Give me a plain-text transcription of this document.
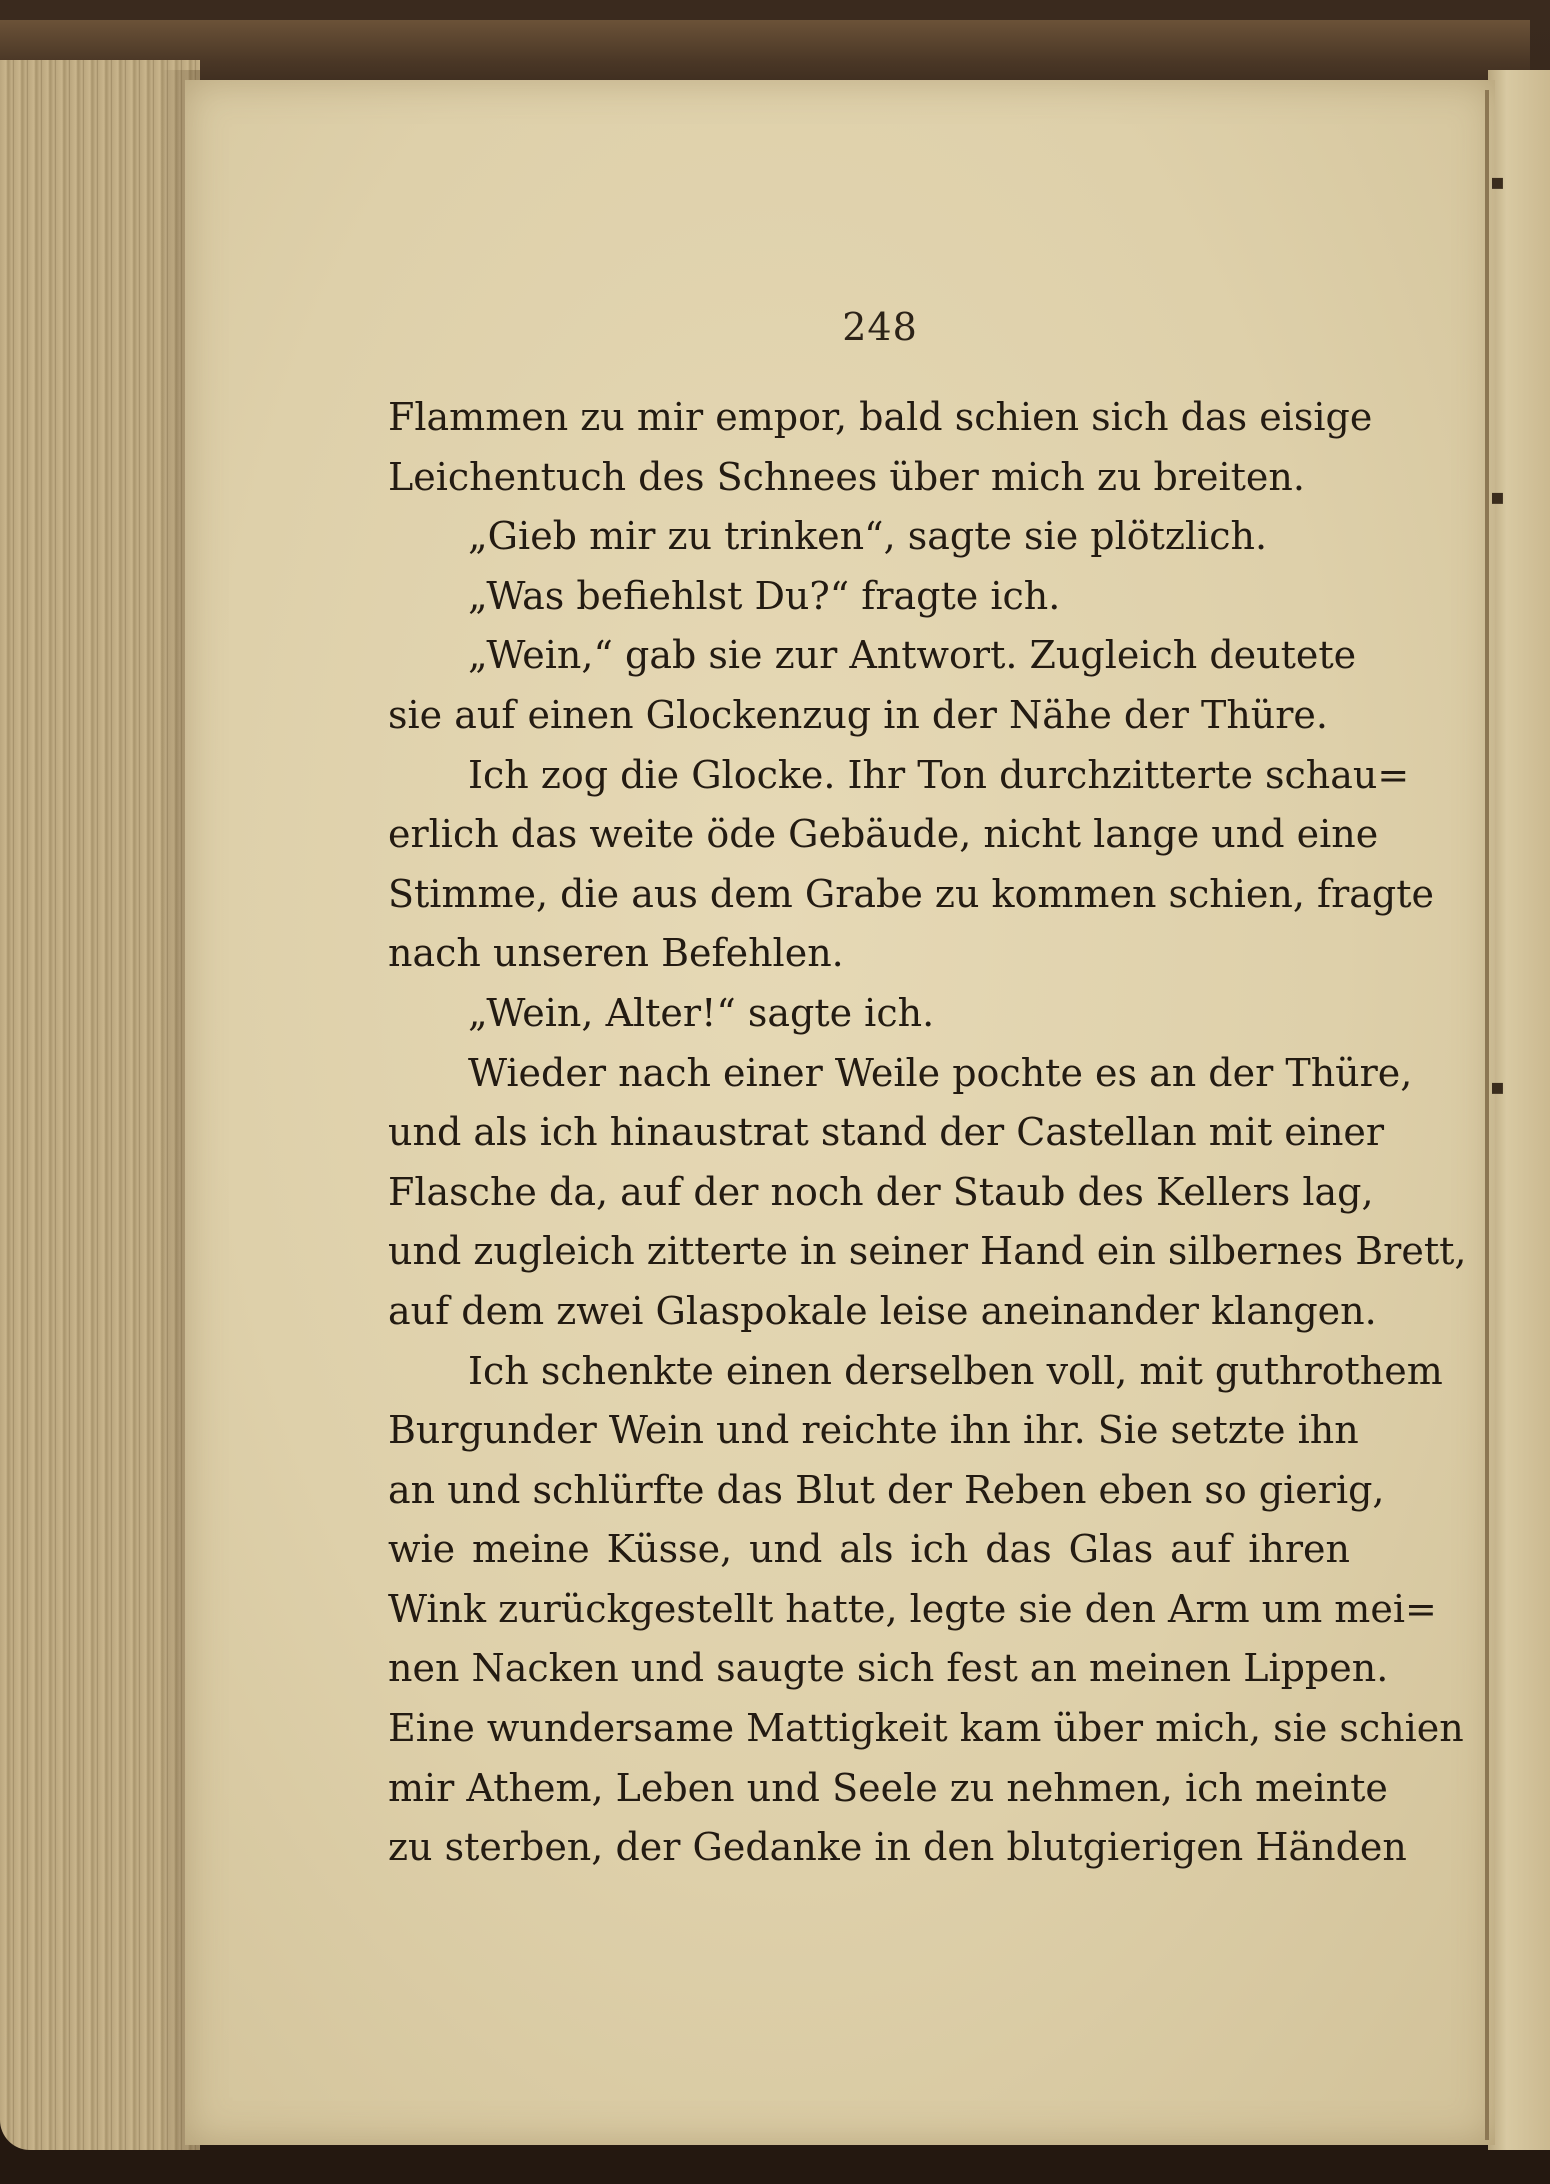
248
Flammen zu mir empor, bald schien sich das eisige
Leichentuch des Schnees über mich zu breiten.
„Gieb mir zu trinken“, sagte sie plötzlich.
„Was befiehlst Du?“ fragte ich.
„Wein,“ gab sie zur Antwort. Zugleich deutete
sie auf einen Glockenzug in der Nähe der Thüre.
Ich zog die Glocke. Ihr Ton durchzitterte schau=
erlich das weite öde Gebäude, nicht lange und eine
Stimme, die aus dem Grabe zu kommen schien, fragte
nach unseren Befehlen.
„Wein, Alter!“ sagte ich.
Wieder nach einer Weile pochte es an der Thüre,
und als ich hinaustrat stand der Castellan mit einer
Flasche da, auf der noch der Staub des Kellers lag,
und zugleich zitterte in seiner Hand ein silbernes Brett,
auf dem zwei Glaspokale leise aneinander klangen.
Ich schenkte einen derselben voll, mit guthrothem
Burgunder Wein und reichte ihn ihr. Sie setzte ihn
an und schlürfte das Blut der Reben eben so gierig,
wie meine Küsse, und als ich das Glas auf ihren
Wink zurückgestellt hatte, legte sie den Arm um mei=
nen Nacken und saugte sich fest an meinen Lippen.
Eine wundersame Mattigkeit kam über mich, sie schien
mir Athem, Leben und Seele zu nehmen, ich meinte
zu sterben, der Gedanke in den blutgierigen Händen
▪
▪
▪
